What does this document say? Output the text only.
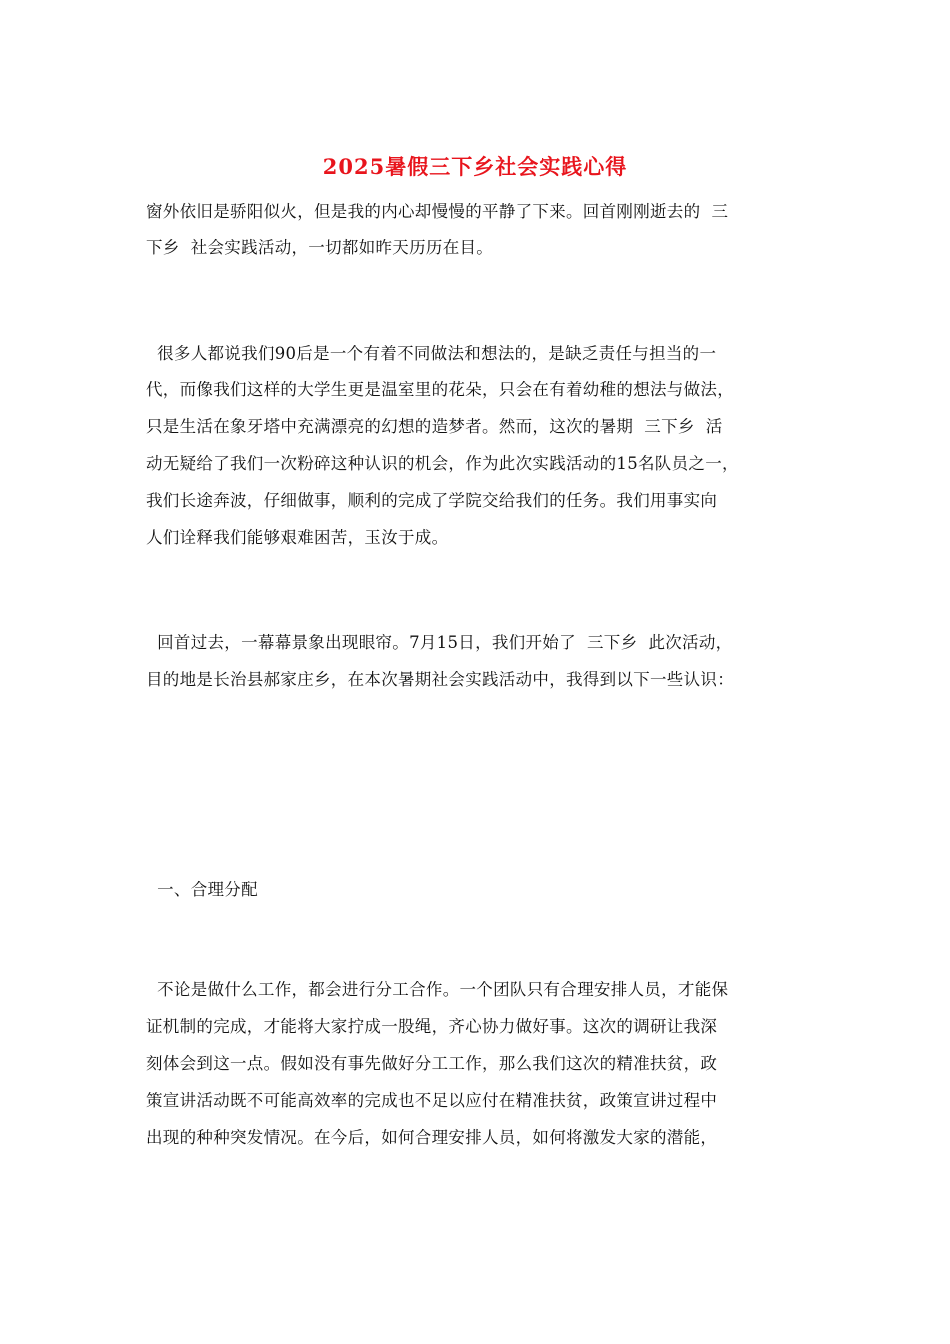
2025暑假三下乡社会实践心得
窗外依旧是骄阳似火，但是我的内心却慢慢的平静了下来。回首刚刚逝去的  三
下乡  社会实践活动，一切都如昨天历历在目。
很多人都说我们90后是一个有着不同做法和想法的，是缺乏责任与担当的一
代，而像我们这样的大学生更是温室里的花朵，只会在有着幼稚的想法与做法，
只是生活在象牙塔中充满漂亮的幻想的造梦者。然而，这次的暑期  三下乡  活
动无疑给了我们一次粉碎这种认识的机会，作为此次实践活动的15名队员之一，
我们长途奔波，仔细做事，顺利的完成了学院交给我们的任务。我们用事实向
人们诠释我们能够艰难困苦，玉汝于成。
回首过去，一幕幕景象出现眼帘。7月15日，我们开始了  三下乡  此次活动，
目的地是长治县郝家庄乡，在本次暑期社会实践活动中，我得到以下一些认识：
一、合理分配
不论是做什么工作，都会进行分工合作。一个团队只有合理安排人员，才能保
证机制的完成，才能将大家拧成一股绳，齐心协力做好事。这次的调研让我深
刻体会到这一点。假如没有事先做好分工工作，那么我们这次的精准扶贫，政
策宣讲活动既不可能高效率的完成也不足以应付在精准扶贫，政策宣讲过程中
出现的种种突发情况。在今后，如何合理安排人员，如何将激发大家的潜能，
